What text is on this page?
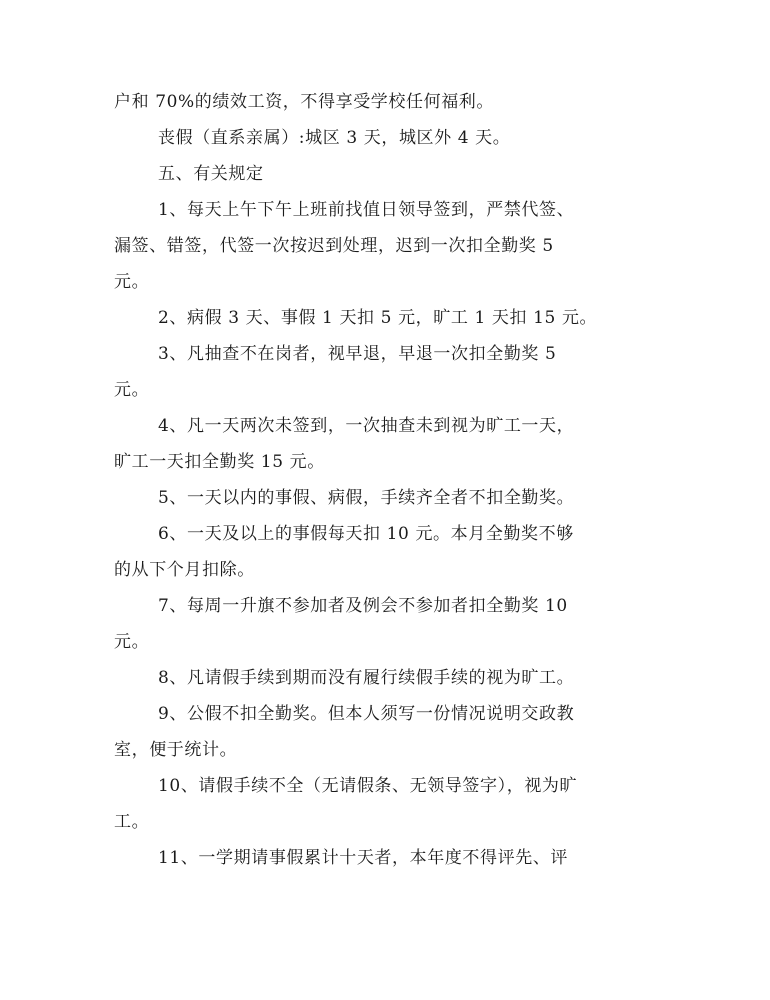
户和 70%的绩效工资，不得享受学校任何福利。
丧假（直系亲属）:城区 3 天，城区外 4 天。
五、有关规定
1、每天上午下午上班前找值日领导签到，严禁代签、
漏签、错签，代签一次按迟到处理，迟到一次扣全勤奖 5
元。
2、病假 3 天、事假 1 天扣 5 元，旷工 1 天扣 15 元。
3、凡抽查不在岗者，视早退，早退一次扣全勤奖 5
元。
4、凡一天两次未签到，一次抽查未到视为旷工一天，
旷工一天扣全勤奖 15 元。
5、一天以内的事假、病假，手续齐全者不扣全勤奖。
6、一天及以上的事假每天扣 10 元。本月全勤奖不够
的从下个月扣除。
7、每周一升旗不参加者及例会不参加者扣全勤奖 10
元。
8、凡请假手续到期而没有履行续假手续的视为旷工。
9、公假不扣全勤奖。但本人须写一份情况说明交政教
室，便于统计。
10、请假手续不全（无请假条、无领导签字），视为旷
工。
11、一学期请事假累计十天者，本年度不得评先、评
